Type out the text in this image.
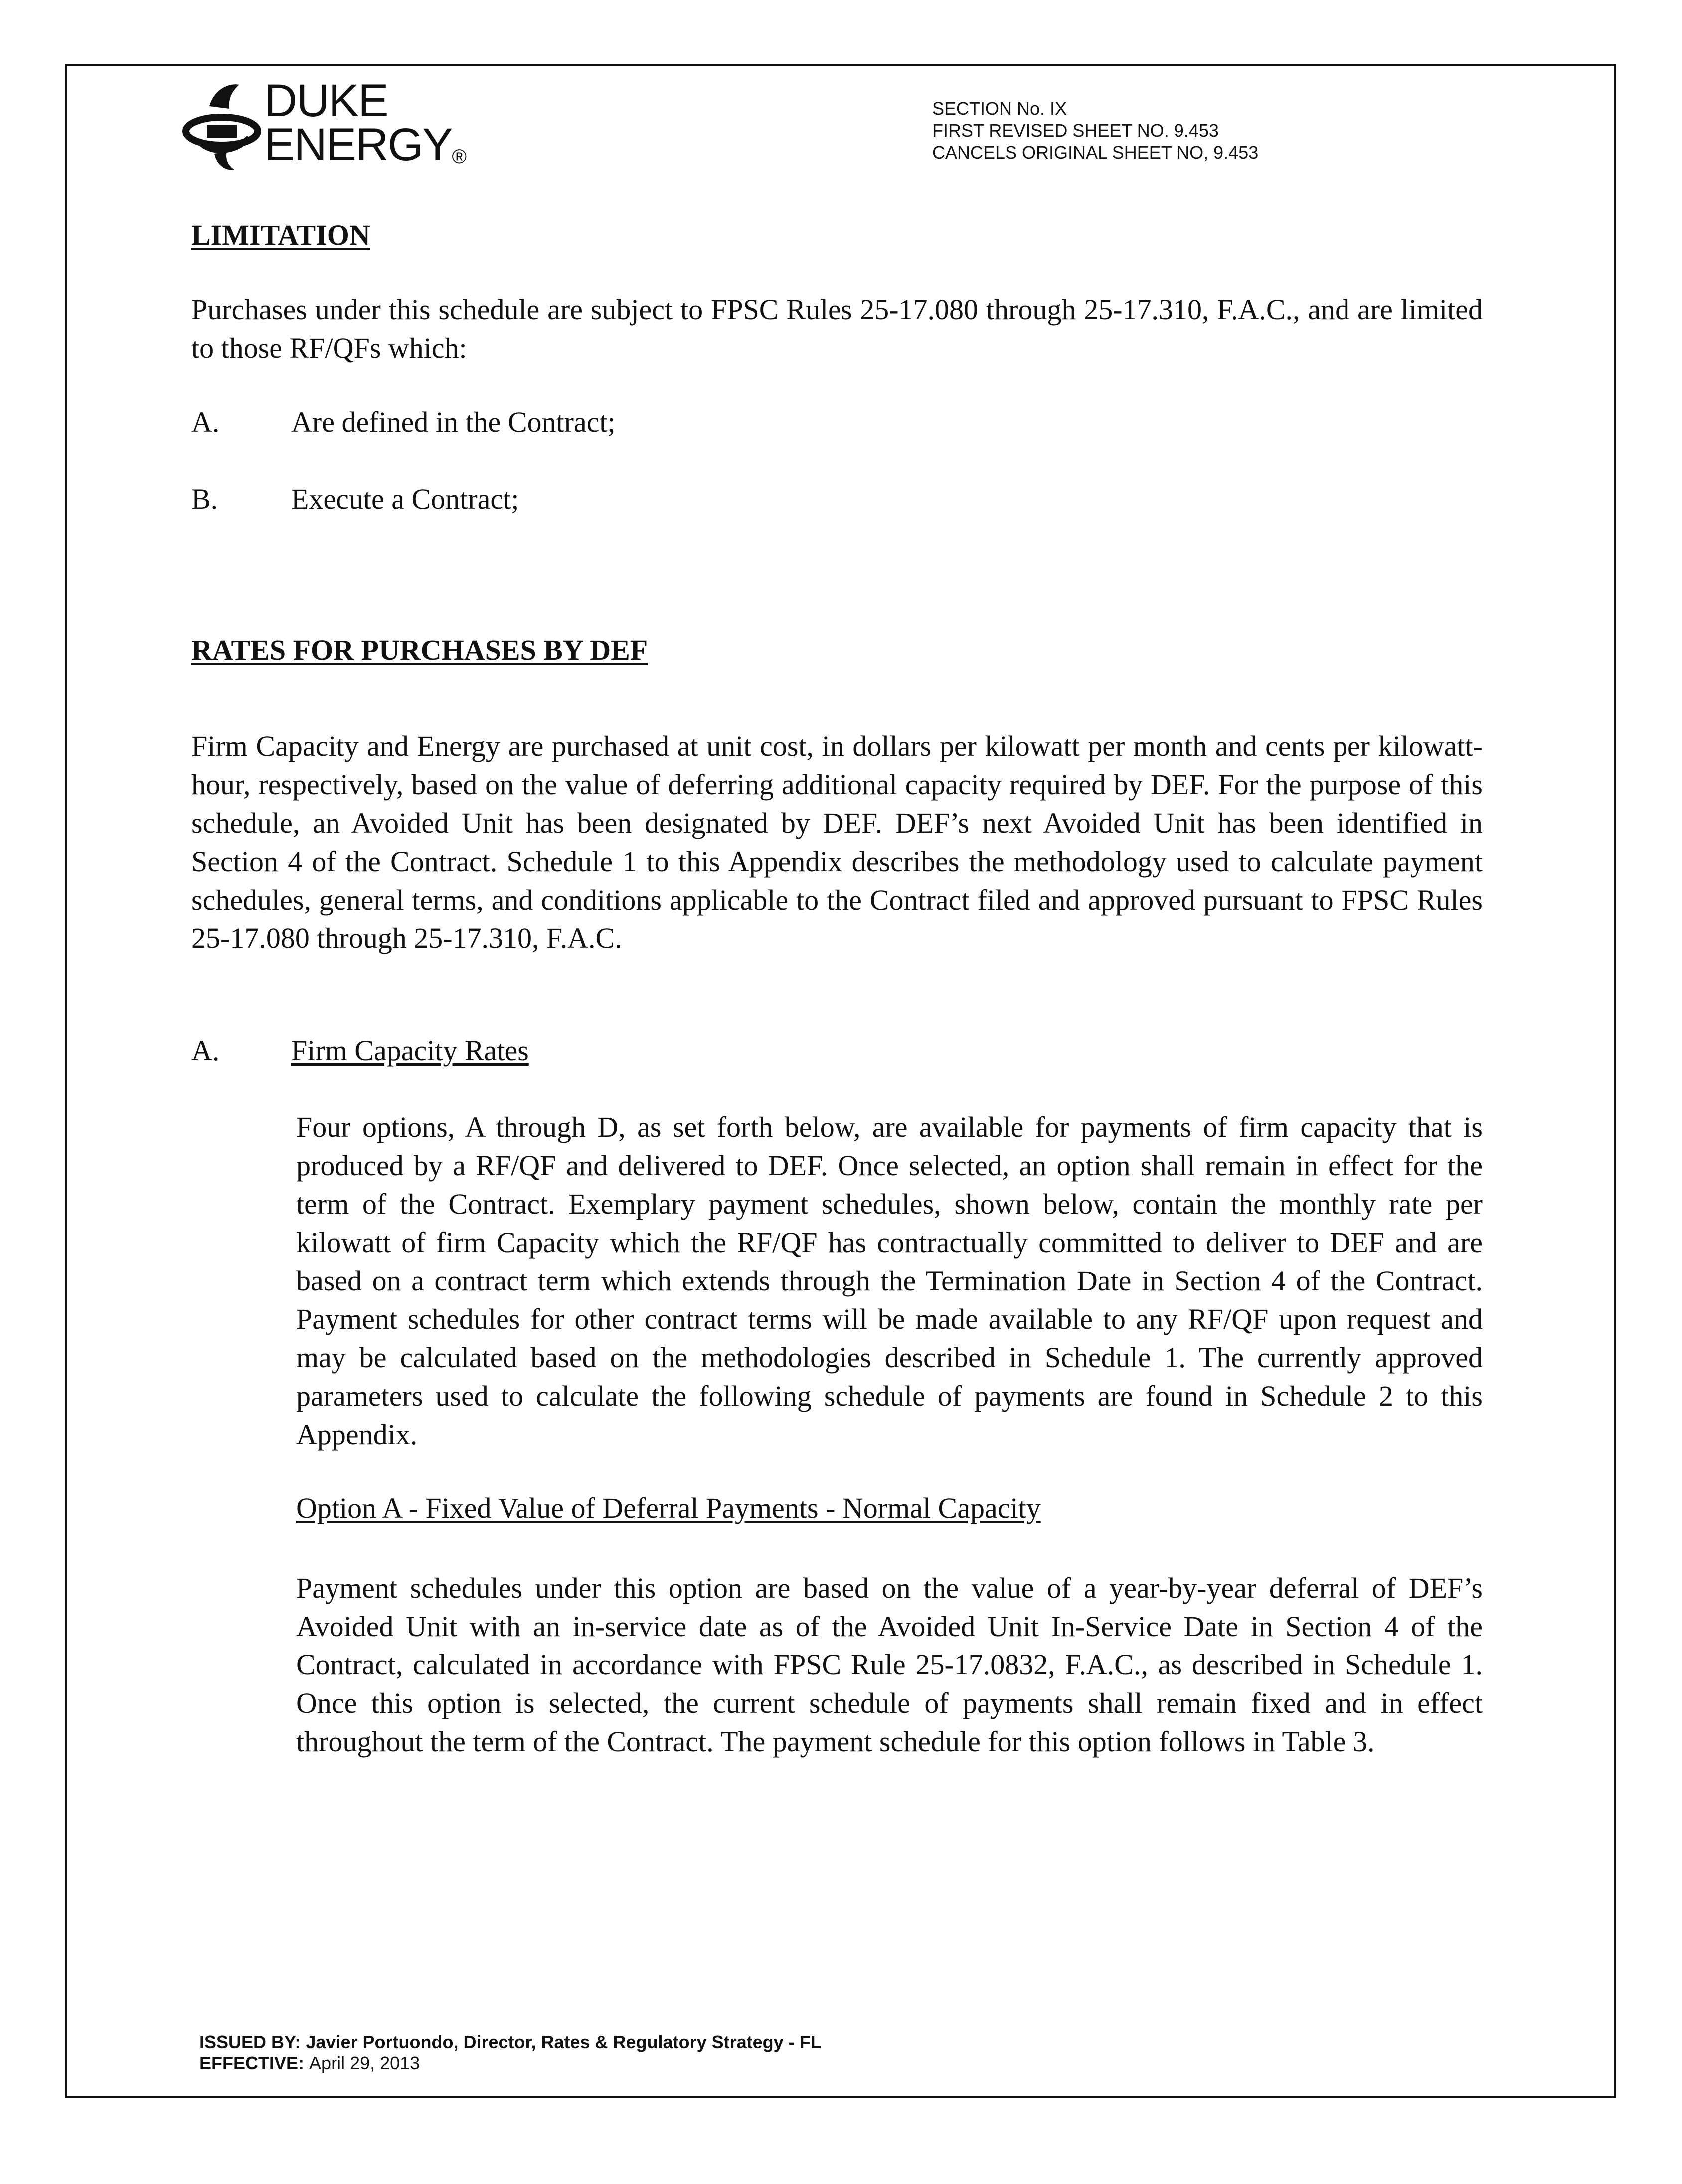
DUKE
ENERGY®
SECTION No. IX
FIRST REVISED SHEET NO. 9.453
CANCELS ORIGINAL SHEET NO, 9.453
LIMITATION
Purchases under this schedule are subject to FPSC Rules 25-17.080 through 25-17.310, F.A.C., and are limited to those RF/QFs which:
A. Are defined in the Contract;
B.	Execute a Contract;
RATES FOR PURCHASES BY DEF
Firm Capacity and Energy are purchased at unit cost, in dollars per kilowatt per month and cents per kilowatt-hour, respectively, based on the value of deferring additional capacity required by DEF. For the purpose of this schedule, an Avoided Unit has been designated by DEF. DEF’s next Avoided Unit has been identified in Section 4 of the Contract. Schedule 1 to this Appendix describes the methodology used to calculate payment schedules, general terms, and conditions applicable to the Contract filed and approved pursuant to FPSC Rules 25-17.080 through 25-17.310, F.A.C.
A. Firm Capacity Rates
Four options, A through D, as set forth below, are available for payments of firm capacity that is produced by a RF/QF and delivered to DEF. Once selected, an option shall remain in effect for the term of the Contract. Exemplary payment schedules, shown below, contain the monthly rate per kilowatt of firm Capacity which the RF/QF has contractually committed to deliver to DEF and are based on a contract term which extends through the Termination Date in Section 4 of the Contract. Payment schedules for other contract terms will be made available to any RF/QF upon request and may be calculated based on the methodologies described in Schedule 1. The currently approved parameters used to calculate the following schedule of payments are found in Schedule 2 to this Appendix.
Option A - Fixed Value of Deferral Payments - Normal Capacity
Payment schedules under this option are based on the value of a year-by-year deferral of DEF’s Avoided Unit with an in-service date as of the Avoided Unit In-Service Date in Section 4 of the Contract, calculated in accordance with FPSC Rule 25-17.0832, F.A.C., as described in Schedule 1. Once this option is selected, the current schedule of payments shall remain fixed and in effect throughout the term of the Contract. The payment schedule for this option follows in Table 3.
ISSUED BY: Javier Portuondo, Director, Rates & Regulatory Strategy - FL
EFFECTIVE: April 29, 2013
